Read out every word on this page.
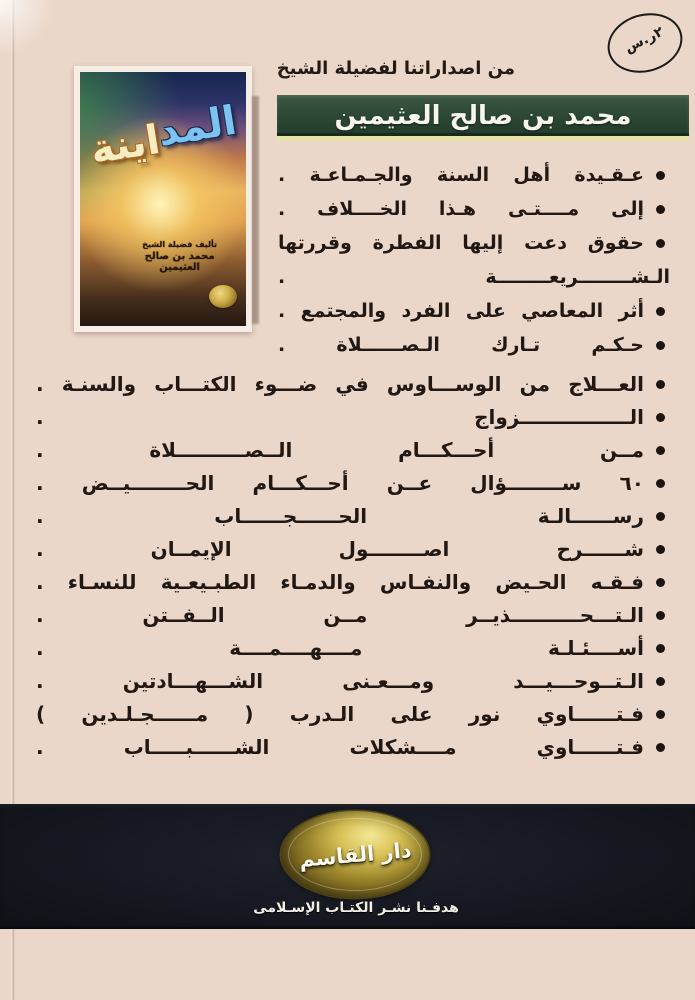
٢ر.س
من اصداراتنا لفضيلة الشيخ
محمد بن صالح العثيمين
المداينة
تأليف فضيلة الشيخ
محمد بن صالح العثيمين
عـقـيدة أهل السنة والجـمـاعـة .
إلى مــــتـى هـذا الخــــلاف .
حقوق دعت إليها الفطرة وقررتها
الـشــــــــريعــــــــة .
أثر المعاصي على الفرد والمجتمع .
حـكـم تـارك الـصــــــلاة .
العـــلاج من الوســـاوس في ضـــوء الكتـــاب والسنـة .
الــــــــــــــــزواج .
مــن أحـــكـــام الــصــــــــــلاة .
٦٠ ســــــــؤال عــن أحـــكـــام الحــــــــيــض .
رســــــالـة الحــــــجــــــاب .
شــــــرح اصــــــــول الإيمــان .
فـقـه الحـيض والنفـاس والدمـاء الطبـيعـية للنسـاء .
الـتـــحــــــــــذيــر مــن الــفــتن .
أســــئـلـة مــــهــــمــــة .
الـتــوحـــيـــد ومـــعـنى الشـــهـــادتين .
فـتــــــاوي نور على الـدرب ( مــــــجـلـدين )
فـتــــــاوي مــــشكلات الشــــــبـــــاب .
دار القاسم
هدفـنا نشـر الكتـاب الإسـلامى
